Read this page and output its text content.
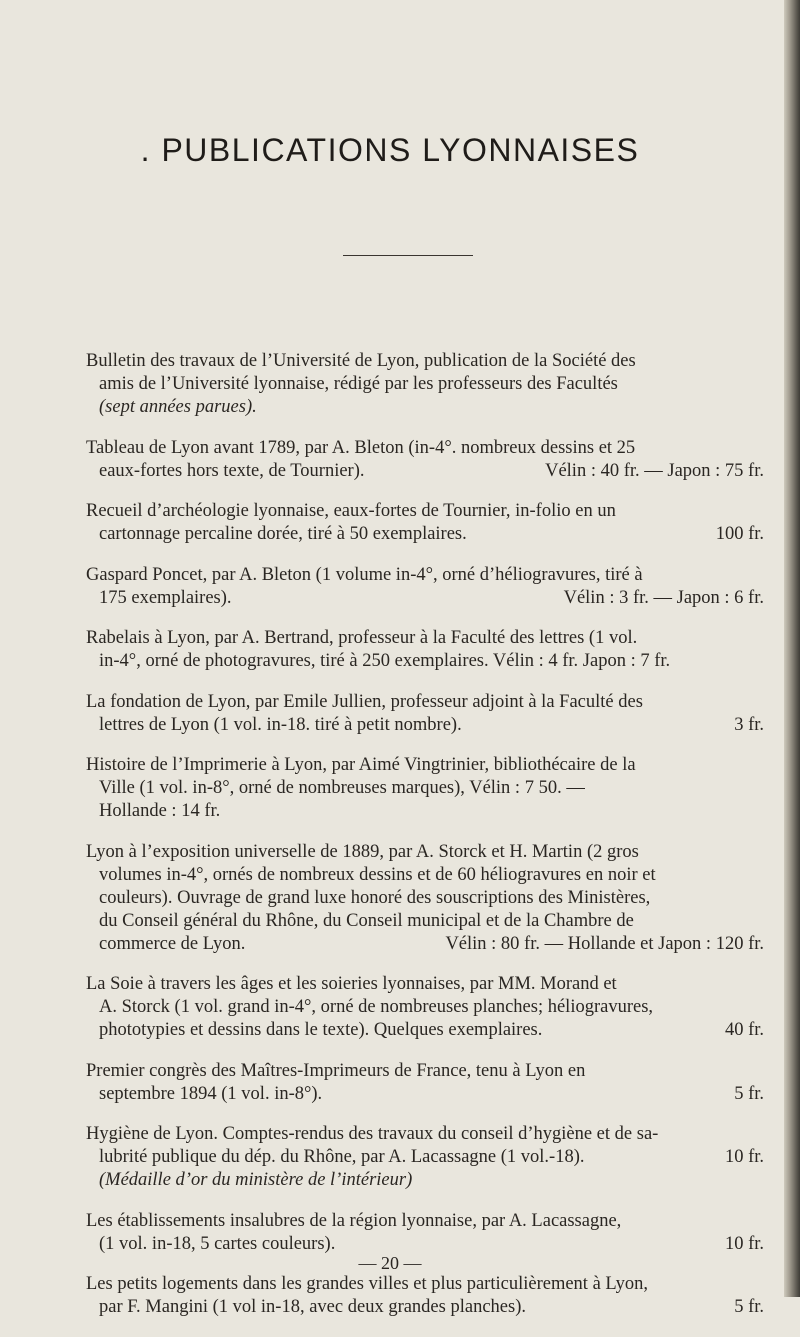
. PUBLICATIONS LYONNAISES
Bulletin des travaux de l’Université de Lyon, publication de la Société des
amis de l’Université lyonnaise, rédigé par les professeurs des Facultés
(sept années parues).
Tableau de Lyon avant 1789, par A. Bleton (in-4°. nombreux dessins et 25
eaux-fortes hors texte, de Tournier).	Vélin : 40 fr. — Japon : 75 fr.
Recueil d’archéologie lyonnaise, eaux-fortes de Tournier, in-folio en un
cartonnage percaline dorée, tiré à 50 exemplaires.	100 fr.
Gaspard Poncet, par A. Bleton (1 volume in-4°, orné d’héliogravures, tiré à
175 exemplaires).	Vélin : 3 fr. — Japon : 6 fr.
Rabelais à Lyon, par A. Bertrand, professeur à la Faculté des lettres (1 vol.
in-4°, orné de photogravures, tiré à 250 exemplaires. Vélin : 4 fr. Japon : 7 fr.
La fondation de Lyon, par Emile Jullien, professeur adjoint à la Faculté des
lettres de Lyon (1 vol. in-18. tiré à petit nombre).	3 fr.
Histoire de l’Imprimerie à Lyon, par Aimé Vingtrinier, bibliothécaire de la
Ville (1 vol. in-8°, orné de nombreuses marques), Vélin : 7 50. —
Hollande : 14 fr.
Lyon à l’exposition universelle de 1889, par A. Storck et H. Martin (2 gros
volumes in-4°, ornés de nombreux dessins et de 60 héliogravures en noir et
couleurs). Ouvrage de grand luxe honoré des souscriptions des Ministères,
du Conseil général du Rhône, du Conseil municipal et de la Chambre de
commerce de Lyon.	Vélin : 80 fr. — Hollande et Japon : 120 fr.
La Soie à travers les âges et les soieries lyonnaises, par MM. Morand et
A. Storck (1 vol. grand in-4°, orné de nombreuses planches; héliogravures,
phototypies et dessins dans le texte). Quelques exemplaires.	40 fr.
Premier congrès des Maîtres-Imprimeurs de France, tenu à Lyon en
septembre 1894 (1 vol. in-8°).	5 fr.
Hygiène de Lyon. Comptes-rendus des travaux du conseil d’hygiène et de sa-
lubrité publique du dép. du Rhône, par A. Lacassagne (1 vol.-18).	10 fr.
(Médaille d’or du ministère de l’intérieur)
Les établissements insalubres de la région lyonnaise, par A. Lacassagne,
(1 vol. in-18, 5 cartes couleurs).	10 fr.
Les petits logements dans les grandes villes et plus particulièrement à Lyon,
par F. Mangini (1 vol in-18, avec deux grandes planches).	5 fr.
— 20 —
